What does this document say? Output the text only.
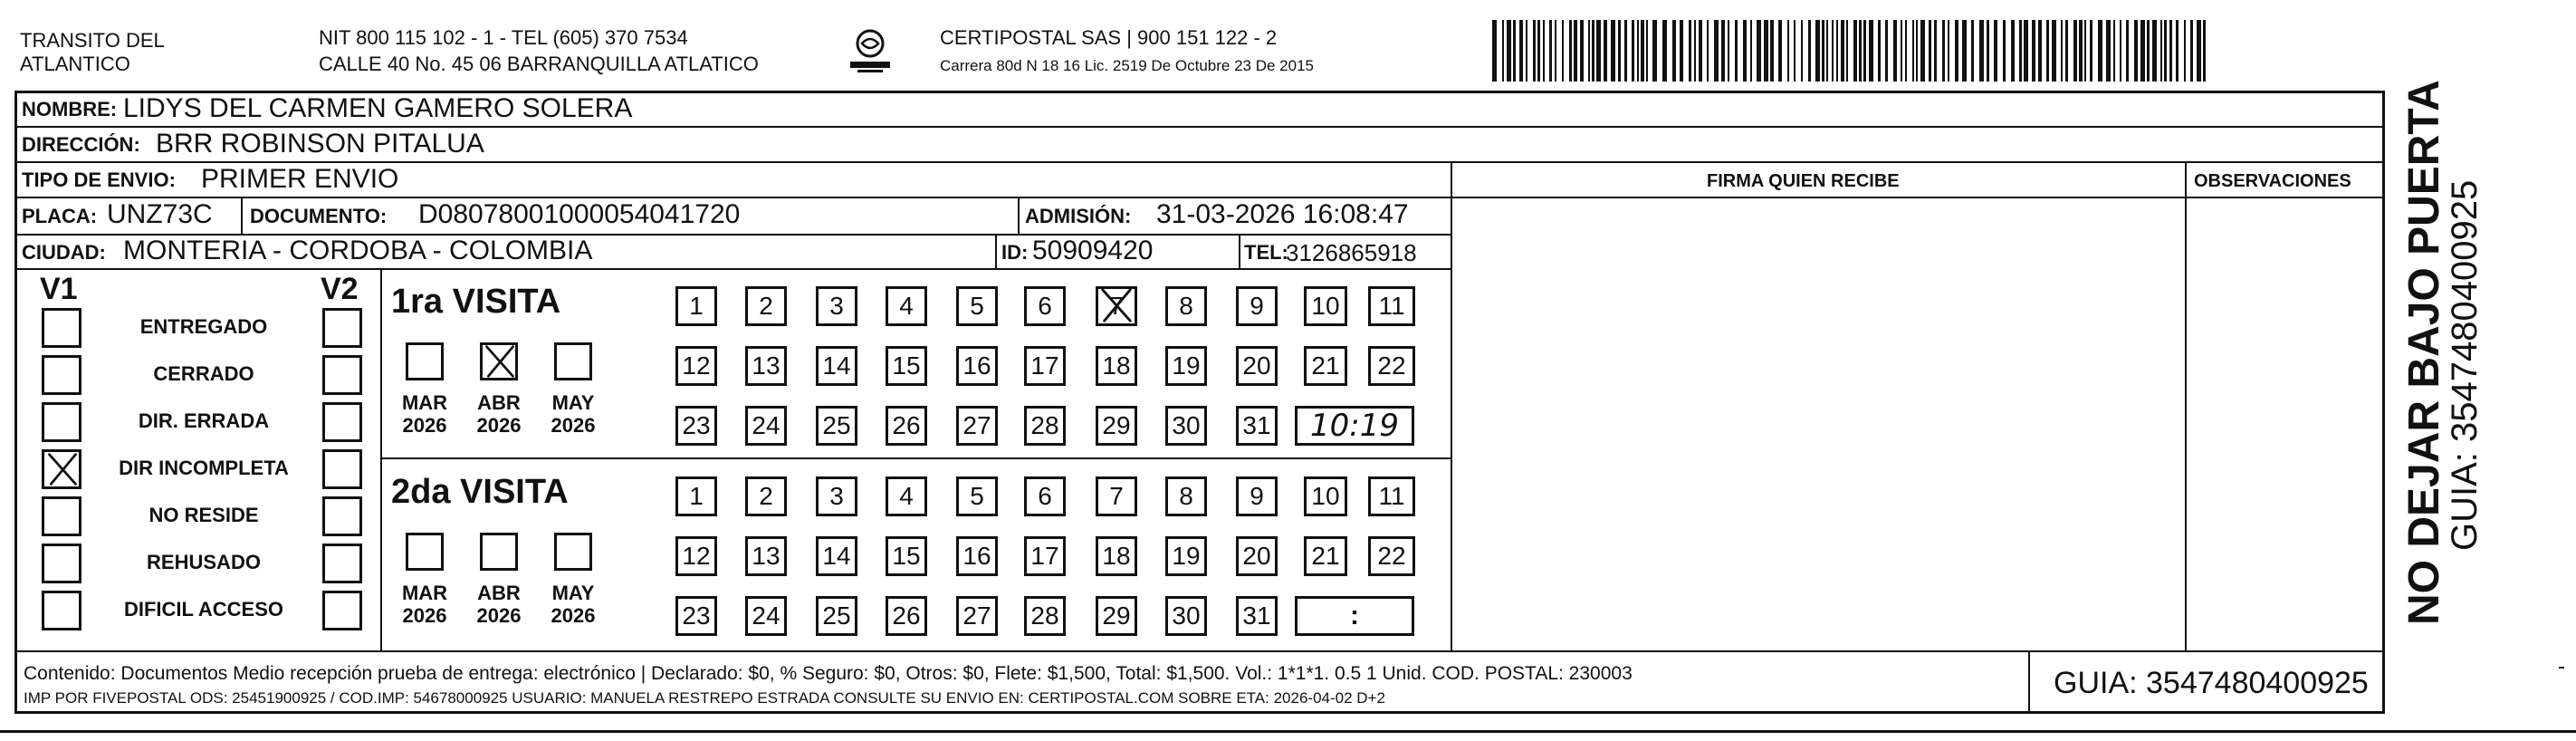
TRANSITO DEL
ATLANTICO
NIT 800 115 102 - 1 - TEL (605) 370 7534
CALLE 40 No. 45 06 BARRANQUILLA ATLATICO
CERTIPOSTAL SAS | 900 151 122 - 2
Carrera 80d N 18 16 Lic. 2519 De Octubre 23 De 2015
NOMBRE: LIDYS DEL CARMEN GAMERO SOLERA
DIRECCIÓN: BRR ROBINSON PITALUA
TIPO DE ENVIO: PRIMER ENVIO	FIRMA QUIEN RECIBE	OBSERVACIONES
PLACA: UNZ73C DOCUMENTO: D08078001000054041720	ADMISIÓN: 31-03-2026 16:08:47
CIUDAD: MONTERIA - CORDOBA - COLOMBIA	ID: 50909420	TEL:
3126865918
V1	V2
Contenido: Documentos Medio recepción prueba de entrega: electrónico | Declarado: $0, % Seguro: $0, Otros: $0, Flete: $1,500, Total: $1,500. Vol.: 1*1*1. 0.5 1 Unid. COD. POSTAL: 230003
IMP POR FIVEPOSTAL ODS: 25451900925 / COD.IMP: 54678000925 USUARIO: MANUELA RESTREPO ESTRADA CONSULTE SU ENVIO EN: CERTIPOSTAL.COM SOBRE ETA: 2026-04-02 D+2	GUIA: 3547480400925
NO DEJAR BAJO PUERTA
GUIA: 3547480400925
ENTREGADO
CERRADO
DIR. ERRADA
DIR INCOMPLETA
NO RESIDE
REHUSADO
DIFICIL ACCESO
1ra VISITA
MAR
2026
ABR
2026
MAY
2026
1	2	3	4	5	6	7	8	9	10	11
12 13 14 15 16 17 18 19 20	21	22
23 24 25 26 27 28 29 30 31 10:19
2da VISITA
MAR
2026
ABR
2026
MAY
2026
1	2	3	4	5	6	7	8	9	10	11
12 13 14 15 16 17 18 19 20	21	22
23 24 25 26 27 28 29 30 31	:
